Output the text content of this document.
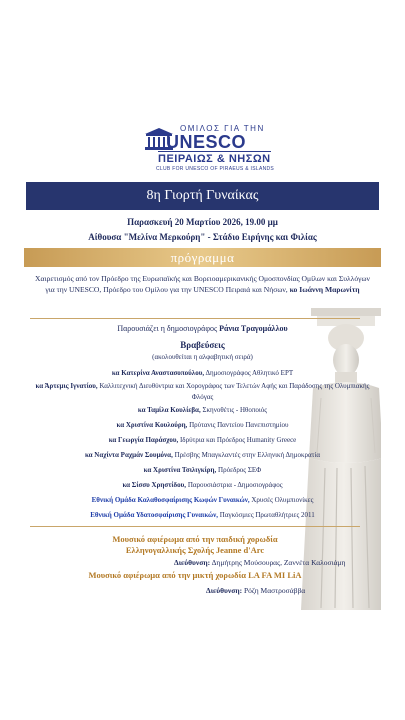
ΟΜΙΛΟΣ ΓΙΑ ΤΗΝ
UNESCO
ΠΕΙΡΑΙΩΣ & ΝΗΣΩΝ
CLUB FOR UNESCO OF PIRAEUS & ISLANDS
8η Γιορτή Γυναίκας
Παρασκευή 20 Μαρτίου 2026, 19.00 μμ
Αίθουσα "Μελίνα Μερκούρη" - Στάδιο Ειρήνης και Φιλίας
πρόγραμμα
Χαιρετισμός από τον Πρόεδρο της Ευρωπαϊκής και Βορειοαμερικανικής Ομοσπονδίας Ομίλων και Συλλόγων για την UNESCO, Πρόεδρο του Ομίλου για την UNESCO Πειραιά και Νήσων, κο Ιωάννη Μαρωνίτη
Παρουσιάζει η δημοσιογράφος Ράνια Τραγομάλλου
Βραβεύσεις
(ακολουθείται η αλφαβητική σειρά)
κα Κατερίνα Αναστασοπούλου, Δημοσιογράφος Αθλητικό ΕΡΤ
κα Άρτεμις Ιγνατίου, Καλλιτεχνική Διευθύντρια και Χορογράφος των Τελετών Αφής και Παράδοσης της Ολυμπιακής Φλόγας
κα Ταμίλα Κουλίεβα, Σκηνοθέτις - Ηθοποιός
κα Χριστίνα Κουλούρη, Πρύτανις Παντείου Πανεπιστημίου
κα Γεωργία Παράσχου, Ιδρύτρια και Πρόεδρος Humanity Greece
κα Ναχίντα Ραχμάν Σουμόνα, Πρέσβης Μπαγκλαντές στην Ελληνική Δημοκρατία
κα Χριστίνα Τσιλιγκίρη, Πρόεδρος ΣΕΦ
κα Σίσσυ Χρηστίδου, Παρουσιάστρια - Δημοσιογράφος
Εθνική Ομάδα Καλαθοσφαίρισης Κωφών Γυναικών, Χρυσές Ολυμπιονίκες
Εθνική Ομάδα Υδατοσφαίρισης Γυναικών, Παγκόσμιες Πρωταθλήτριες 2011
Μουσικό αφιέρωμα από την παιδική χορωδία
Ελληνογαλλικής Σχολής Jeanne d'Arc
Διεύθυνση: Δημήτρης Μούσουρας, Ζαννέτα Καλοσιάμη
Μουσικό αφιέρωμα από την μικτή χορωδία LA FA MI LiA
Διεύθυνση: Ρόζη Μαστροσάββα
